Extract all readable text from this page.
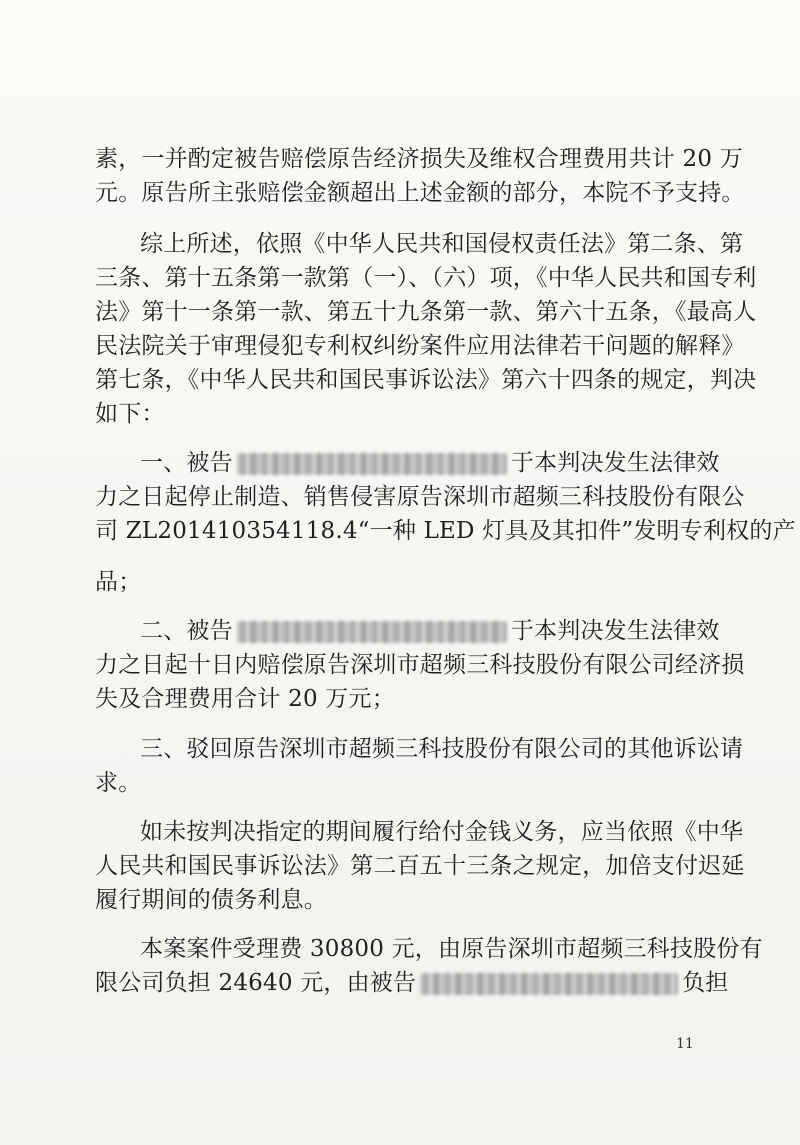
素，一并酌定被告赔偿原告经济损失及维权合理费用共计 20 万
元。原告所主张赔偿金额超出上述金额的部分，本院不予支持。
综上所述，依照《中华人民共和国侵权责任法》第二条、第
三条、第十五条第一款第（一）、（六）项，《中华人民共和国专利
法》第十一条第一款、第五十九条第一款、第六十五条，《最高人
民法院关于审理侵犯专利权纠纷案件应用法律若干问题的解释》
第七条，《中华人民共和国民事诉讼法》第六十四条的规定，判决
如下：
一、被告	于本判决发生法律效
力之日起停止制造、销售侵害原告深圳市超频三科技股份有限公
司 ZL201410354118.4“一种 LED 灯具及其扣件”发明专利权的产
品；
二、被告	于本判决发生法律效
力之日起十日内赔偿原告深圳市超频三科技股份有限公司经济损
失及合理费用合计 20 万元；
三、驳回原告深圳市超频三科技股份有限公司的其他诉讼请
求。
如未按判决指定的期间履行给付金钱义务，应当依照《中华
人民共和国民事诉讼法》第二百五十三条之规定，加倍支付迟延
履行期间的债务利息。
本案案件受理费 30800 元，由原告深圳市超频三科技股份有
限公司负担 24640 元，由被告	负担
11
